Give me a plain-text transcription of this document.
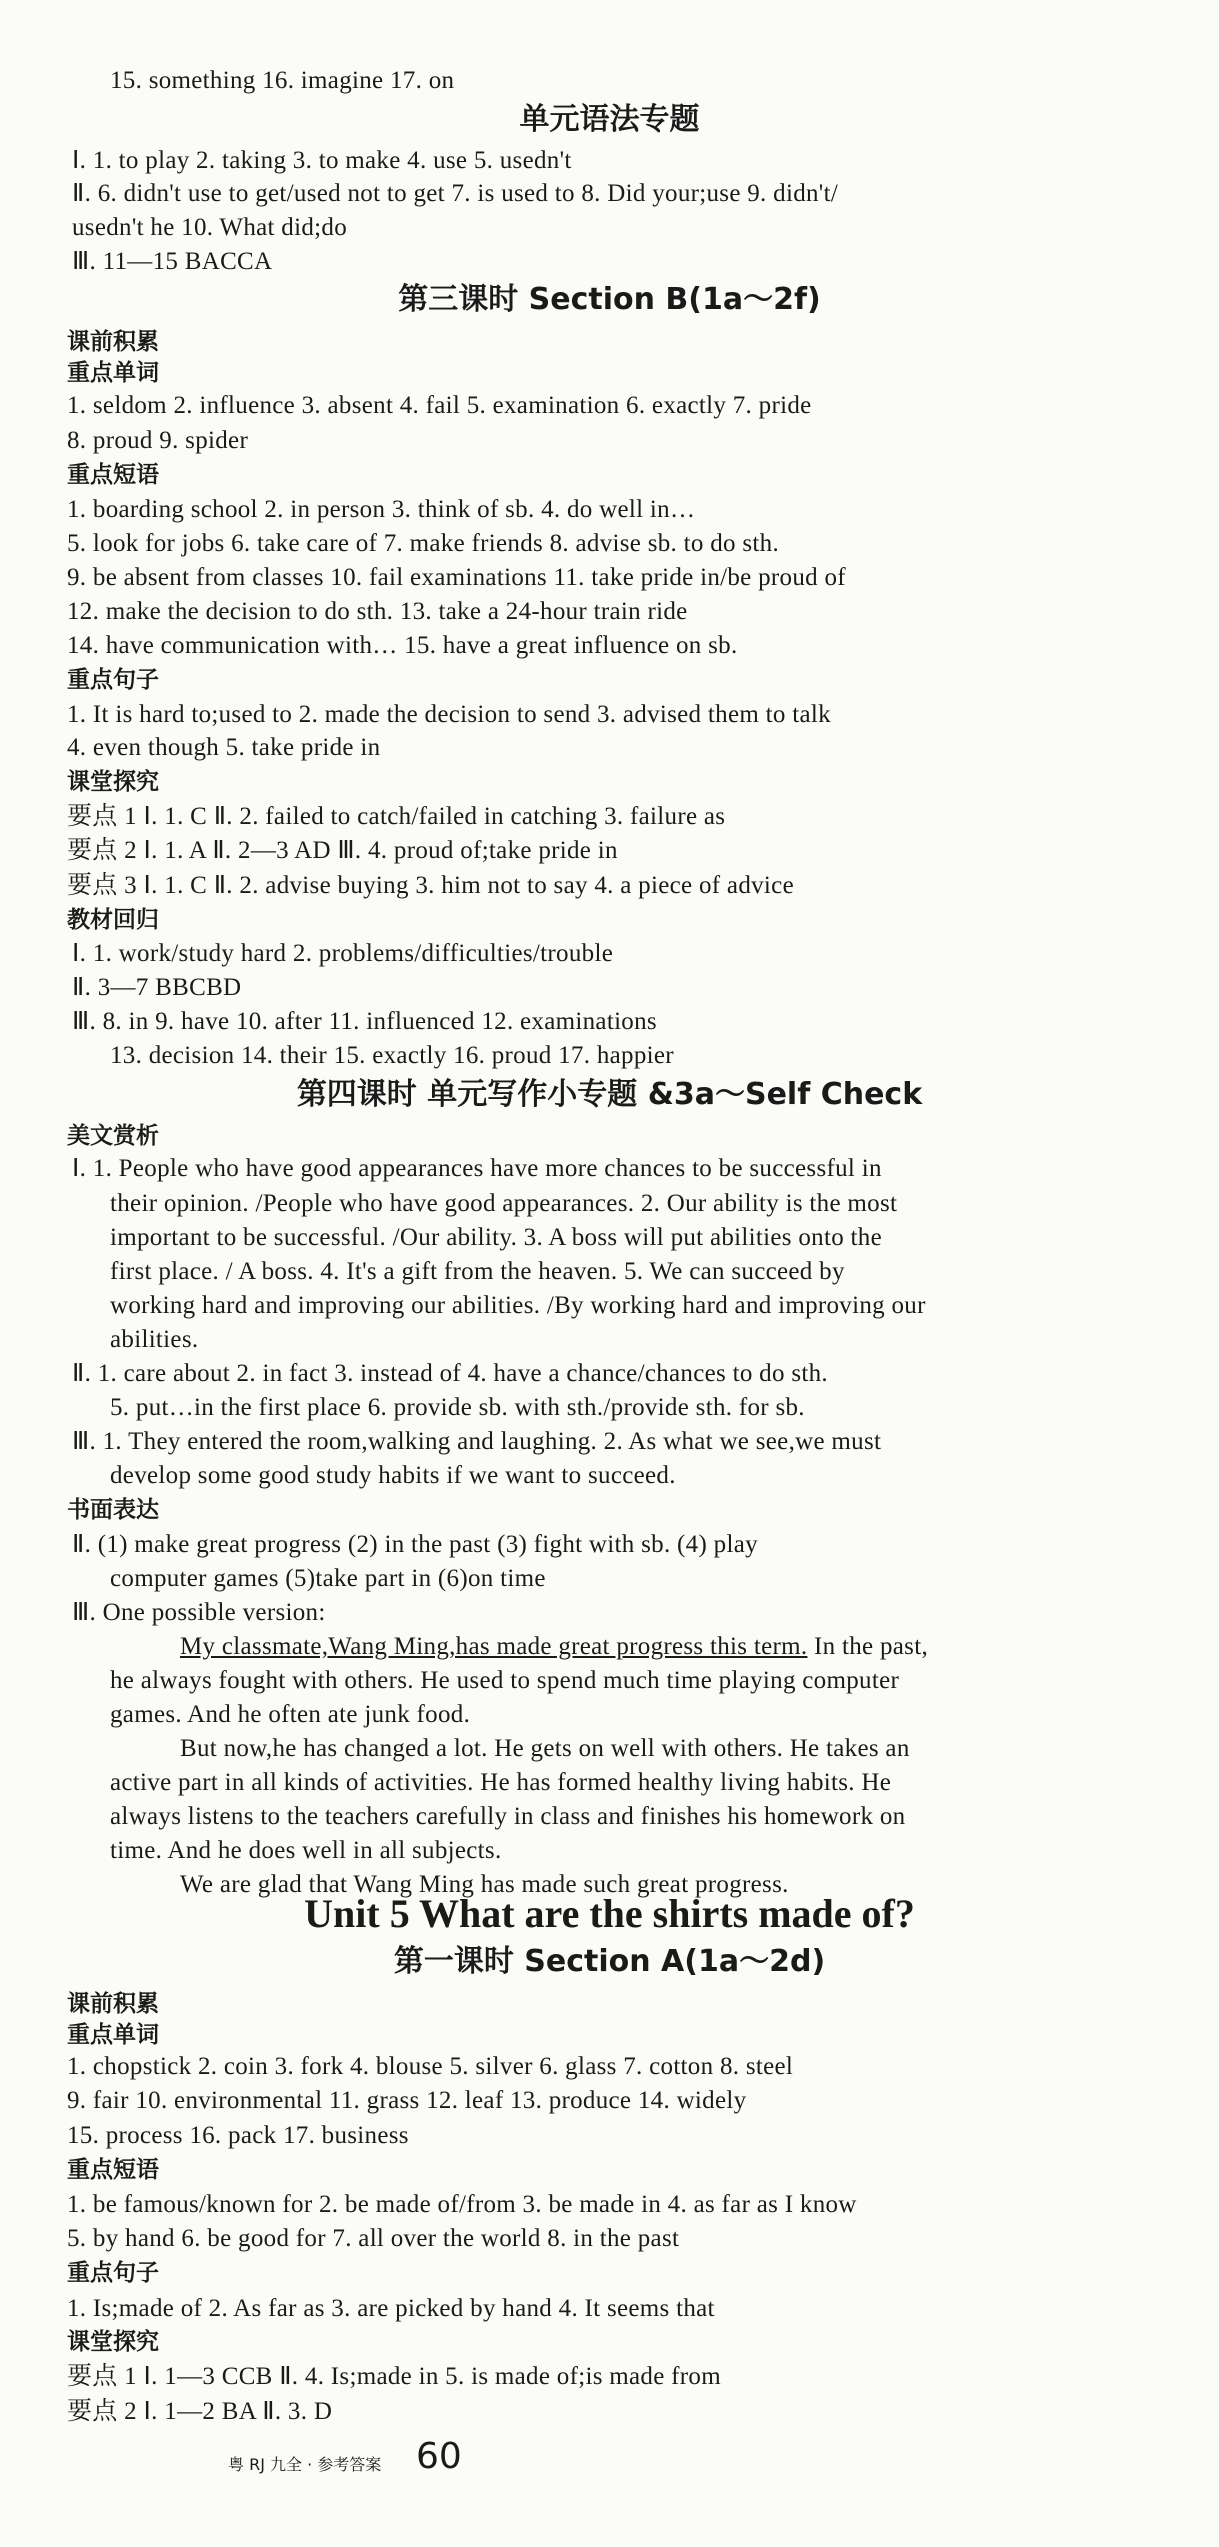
15. something 16. imagine 17. on
单元语法专题
Ⅰ. 1. to play 2. taking 3. to make 4. use 5. usedn't
Ⅱ. 6. didn't use to get/used not to get 7. is used to 8. Did your;use 9. didn't/
usedn't he 10. What did;do
Ⅲ. 11—15 BACCA
第三课时 Section B(1a～2f)
课前积累
重点单词
1. seldom 2. influence 3. absent 4. fail 5. examination 6. exactly 7. pride
8. proud 9. spider
重点短语
1. boarding school 2. in person 3. think of sb. 4. do well in…
5. look for jobs 6. take care of 7. make friends 8. advise sb. to do sth.
9. be absent from classes 10. fail examinations 11. take pride in/be proud of
12. make the decision to do sth. 13. take a 24-hour train ride
14. have communication with… 15. have a great influence on sb.
重点句子
1. It is hard to;used to 2. made the decision to send 3. advised them to talk
4. even though 5. take pride in
课堂探究
要点 1 Ⅰ. 1. C Ⅱ. 2. failed to catch/failed in catching 3. failure as
要点 2 Ⅰ. 1. A Ⅱ. 2—3 AD Ⅲ. 4. proud of;take pride in
要点 3 Ⅰ. 1. C Ⅱ. 2. advise buying 3. him not to say 4. a piece of advice
教材回归
Ⅰ. 1. work/study hard 2. problems/difficulties/trouble
Ⅱ. 3—7 BBCBD
Ⅲ. 8. in 9. have 10. after 11. influenced 12. examinations
13. decision 14. their 15. exactly 16. proud 17. happier
第四课时 单元写作小专题 &3a～Self Check
美文赏析
Ⅰ. 1. People who have good appearances have more chances to be successful in
their opinion. /People who have good appearances. 2. Our ability is the most
important to be successful. /Our ability. 3. A boss will put abilities onto the
first place. / A boss. 4. It's a gift from the heaven. 5. We can succeed by
working hard and improving our abilities. /By working hard and improving our
abilities.
Ⅱ. 1. care about 2. in fact 3. instead of 4. have a chance/chances to do sth.
5. put…in the first place 6. provide sb. with sth./provide sth. for sb.
Ⅲ. 1. They entered the room,walking and laughing. 2. As what we see,we must
develop some good study habits if we want to succeed.
书面表达
Ⅱ. (1) make great progress (2) in the past (3) fight with sb. (4) play
computer games (5)take part in (6)on time
Ⅲ. One possible version:
My classmate,Wang Ming,has made great progress this term. In the past,
he always fought with others. He used to spend much time playing computer
games. And he often ate junk food.
But now,he has changed a lot. He gets on well with others. He takes an
active part in all kinds of activities. He has formed healthy living habits. He
always listens to the teachers carefully in class and finishes his homework on
time. And he does well in all subjects.
We are glad that Wang Ming has made such great progress.
Unit 5 What are the shirts made of?
第一课时 Section A(1a～2d)
课前积累
重点单词
1. chopstick 2. coin 3. fork 4. blouse 5. silver 6. glass 7. cotton 8. steel
9. fair 10. environmental 11. grass 12. leaf 13. produce 14. widely
15. process 16. pack 17. business
重点短语
1. be famous/known for 2. be made of/from 3. be made in 4. as far as I know
5. by hand 6. be good for 7. all over the world 8. in the past
重点句子
1. Is;made of 2. As far as 3. are picked by hand 4. It seems that
课堂探究
要点 1 Ⅰ. 1—3 CCB Ⅱ. 4. Is;made in 5. is made of;is made from
要点 2 Ⅰ. 1—2 BA Ⅱ. 3. D
粤 RJ 九全 · 参考答案 60
